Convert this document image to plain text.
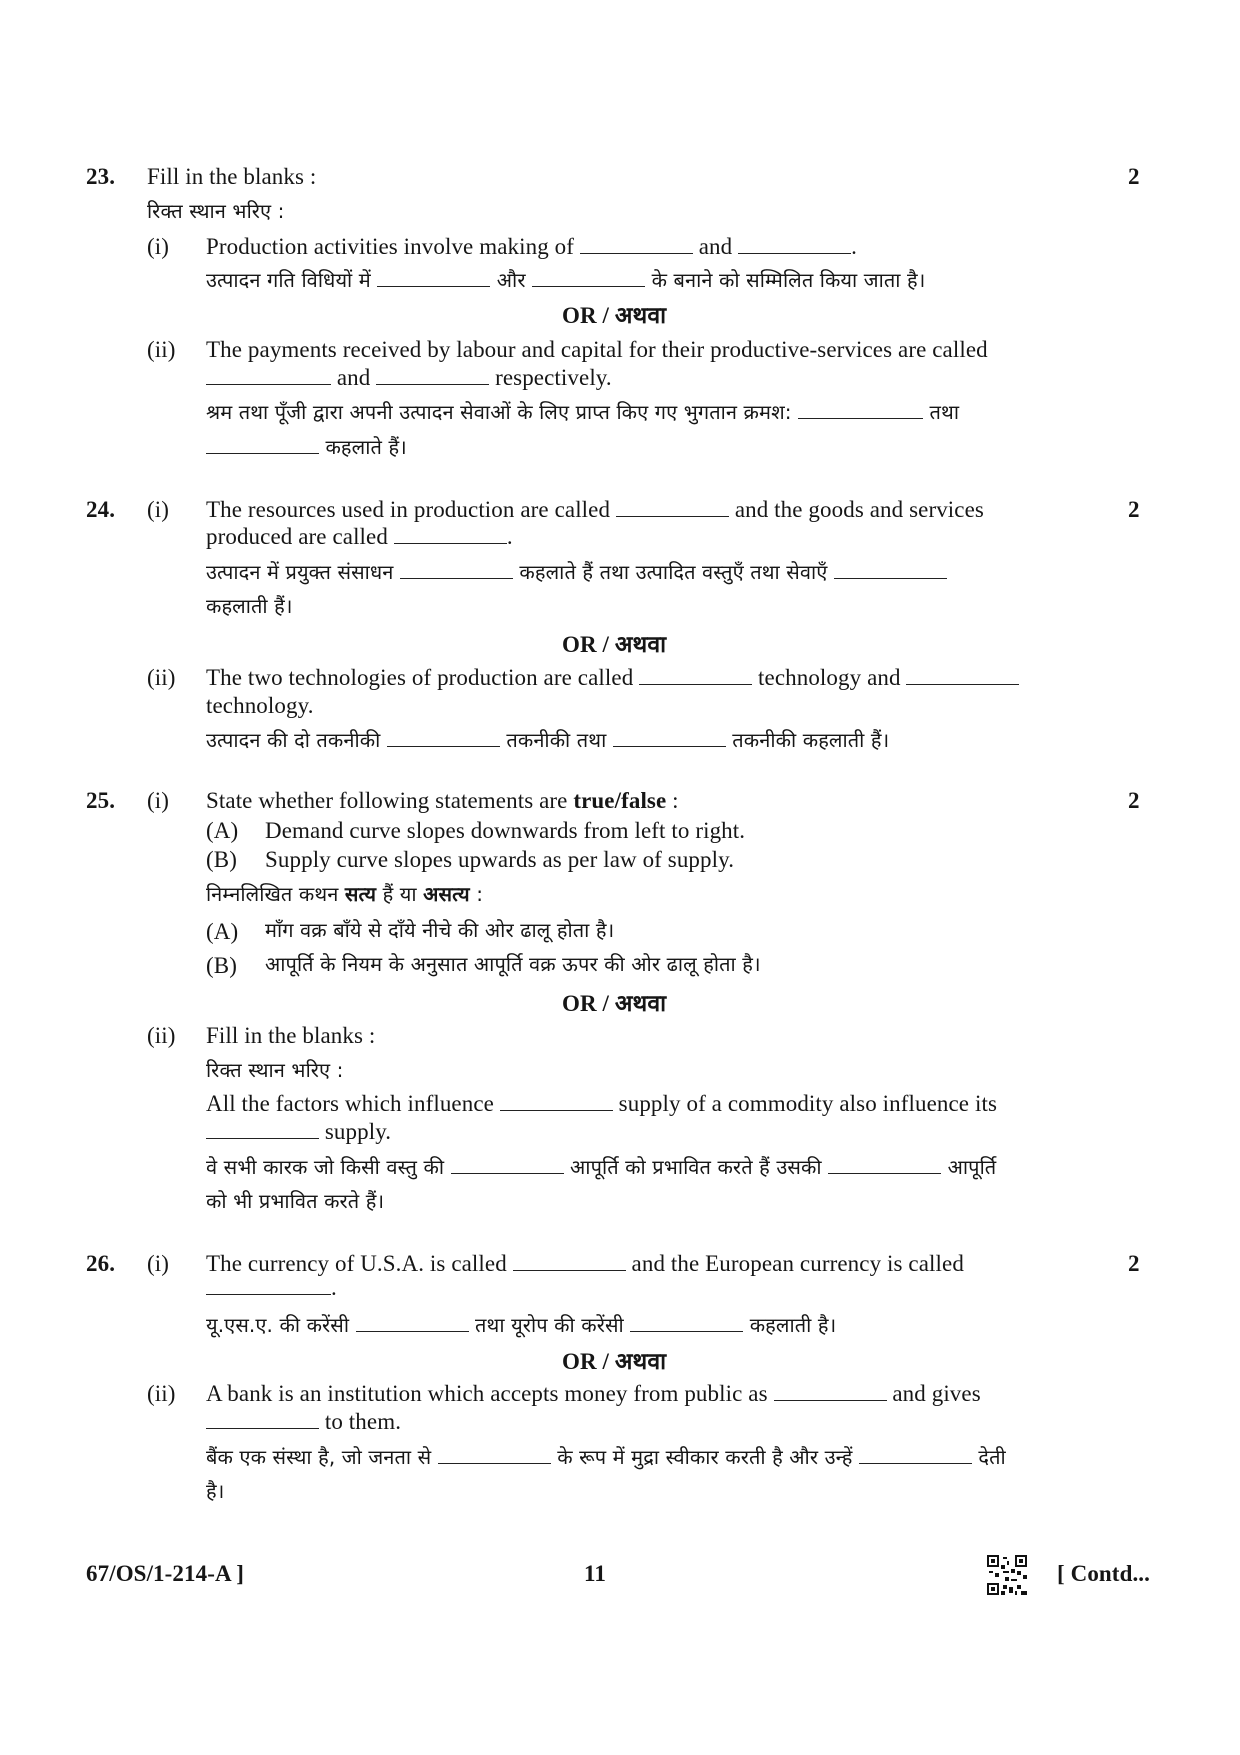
23. Fill in the blanks :	2
रिक्त स्थान भरिए :
(i) Production activities involve making of	and	.
उत्पादन गति विधियों में	और	के बनाने को सम्मिलित किया जाता है।
OR / अथवा
(ii) The payments received by labour and capital for their productive-services are called
and	respectively.
श्रम तथा पूँजी द्वारा अपनी उत्पादन सेवाओं के लिए प्राप्त किए गए भुगतान क्रमश:	तथा
कहलाते हैं।
24. (i)	2
The resources used in production are called	and the goods and services
produced are called	.
उत्पादन में प्रयुक्त संसाधन	कहलाते हैं तथा उत्पादित वस्तुएँ तथा सेवाएँ
कहलाती हैं।
OR / अथवा
(ii) The two technologies of production are called	technology and
technology.
उत्पादन की दो तकनीकी	तकनीकी तथा	तकनीकी कहलाती हैं।
25. (i)	2
State whether following statements are true/false :
(A) Demand curve slopes downwards from left to right.
(B) Supply curve slopes upwards as per law of supply.
निम्नलिखित कथन सत्य हैं या असत्य :
(A) माँग वक्र बाँये से दाँये नीचे की ओर ढालू होता है।
(B) आपूर्ति के नियम के अनुसात आपूर्ति वक्र ऊपर की ओर ढालू होता है।
OR / अथवा
(ii) Fill in the blanks :
रिक्त स्थान भरिए :
All the factors which influence	supply of a commodity also influence its
supply.
वे सभी कारक जो किसी वस्तु की	आपूर्ति को प्रभावित करते हैं उसकी	आपूर्ति
को भी प्रभावित करते हैं।
26. (i)	2
The currency of U.S.A. is called	and the European currency is called
.
यू.एस.ए. की करेंसी	तथा यूरोप की करेंसी	कहलाती है।
OR / अथवा
(ii) A bank is an institution which accepts money from public as	and gives
to them.
बैंक एक संस्था है, जो जनता से	के रूप में मुद्रा स्वीकार करती है और उन्हें	देती
है।
67/OS/1-214-A ]	11	[ Contd...
